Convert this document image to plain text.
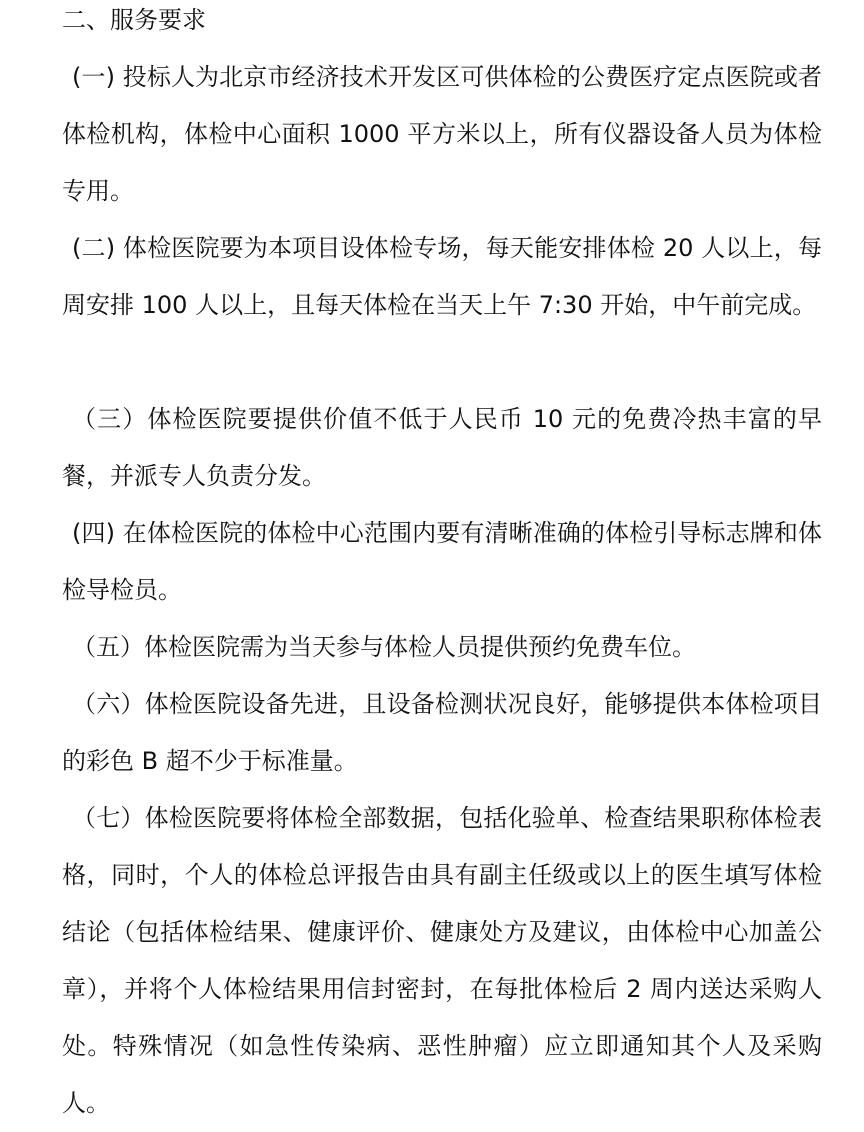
二、服务要求

(一) 投标人为北京市经济技术开发区可供体检的公费医疗定点医院或者体检机构，体检中心面积 1000 平方米以上，所有仪器设备人员为体检专用。

(二) 体检医院要为本项目设体检专场，每天能安排体检 20 人以上，每周安排 100 人以上，且每天体检在当天上午 7:30 开始，中午前完成。

（三）体检医院要提供价值不低于人民币 10 元的免费冷热丰富的早餐，并派专人负责分发。

(四) 在体检医院的体检中心范围内要有清晰准确的体检引导标志牌和体检导检员。

（五）体检医院需为当天参与体检人员提供预约免费车位。

（六）体检医院设备先进，且设备检测状况良好，能够提供本体检项目的彩色 B 超不少于标准量。

（七）体检医院要将体检全部数据，包括化验单、检查结果职称体检表格，同时，个人的体检总评报告由具有副主任级或以上的医生填写体检结论（包括体检结果、健康评价、健康处方及建议，由体检中心加盖公章），并将个人体检结果用信封密封，在每批体检后 2 周内送达采购人处。特殊情况（如急性传染病、恶性肿瘤）应立即通知其个人及采购人。
